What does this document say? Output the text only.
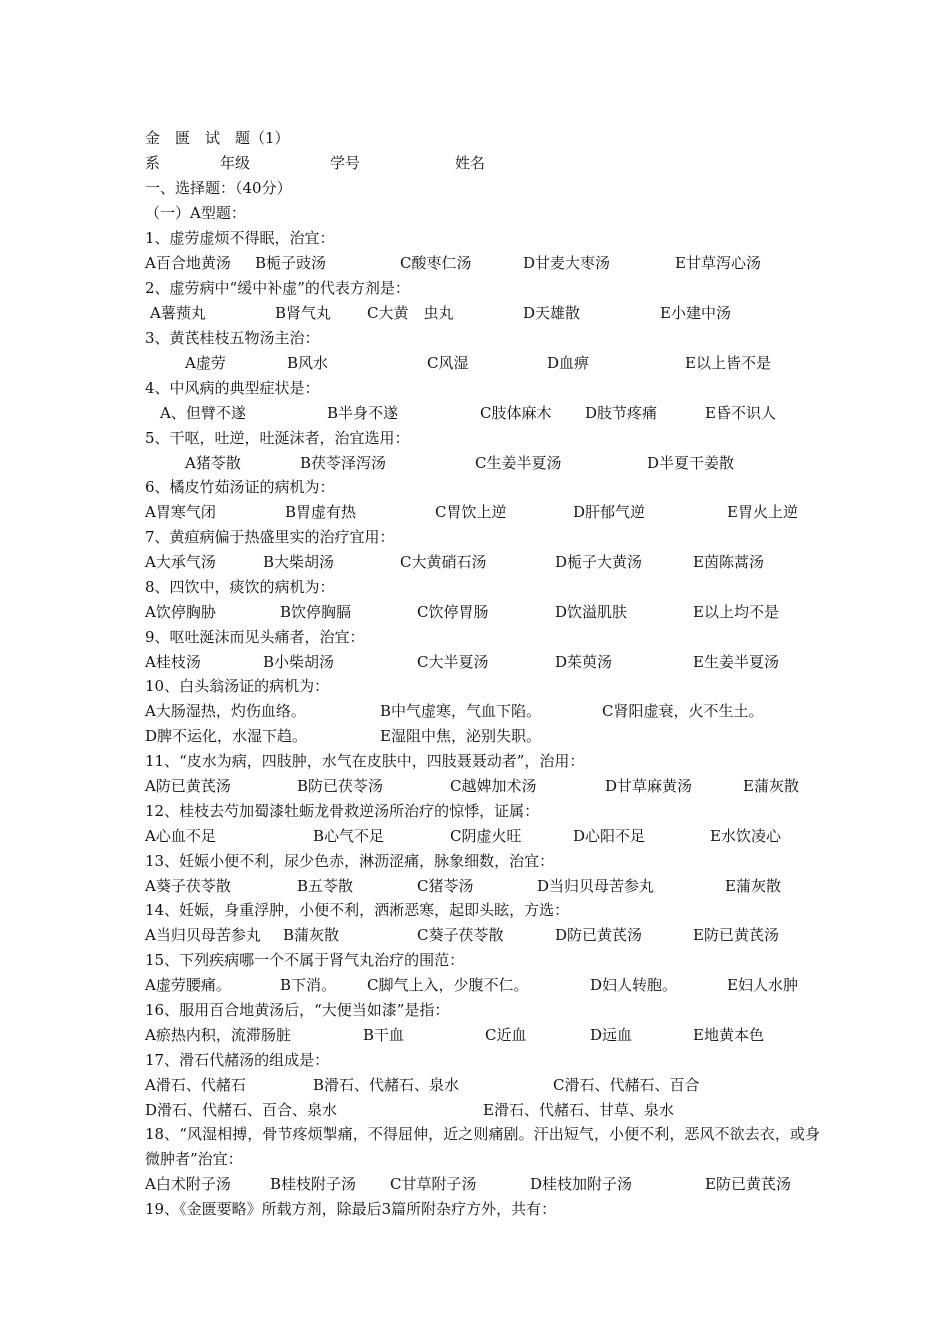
金　匮　试　题（1）
系	年级	学号	姓名
一、选择题：（40分）
（一）A型题：
1、虚劳虚烦不得眠，治宜：
A百合地黄汤 B栀子豉汤	C酸枣仁汤	D甘麦大枣汤	E甘草泻心汤
2、虚劳病中“缓中补虚”的代表方剂是：
A薯蓣丸	B肾气丸 C大黄　虫丸	D天雄散	E小建中汤
3、黄芪桂枝五物汤主治：
A虚劳	B风水	C风湿	D血痹	E以上皆不是
4、中风病的典型症状是：
A、但臂不遂	B半身不遂	C肢体麻木 D肢节疼痛	E昏不识人
5、干呕，吐逆，吐涎沫者，治宜选用：
A猪苓散	B茯苓泽泻汤	C生姜半夏汤	D半夏干姜散
6、橘皮竹茹汤证的病机为：
A胃寒气闭	B胃虚有热	C胃饮上逆	D肝郁气逆	E胃火上逆
7、黄疸病偏于热盛里实的治疗宜用：
A大承气汤	B大柴胡汤	C大黄硝石汤	D栀子大黄汤	E茵陈蒿汤
8、四饮中，痰饮的病机为：
A饮停胸胁	B饮停胸膈	C饮停胃肠	D饮溢肌肤	E以上均不是
9、呕吐涎沫而见头痛者，治宜：
A桂枝汤	B小柴胡汤	C大半夏汤	D茱萸汤	E生姜半夏汤
10、白头翁汤证的病机为：
A大肠湿热，灼伤血络。	B中气虚寒，气血下陷。	C肾阳虚衰，火不生土。
D脾不运化，水湿下趋。	E湿阻中焦，泌别失职。
11、“皮水为病，四肢肿，水气在皮肤中，四肢聂聂动者”，治用：
A防已黄芪汤	B防已茯苓汤	C越婢加术汤	D甘草麻黄汤	E蒲灰散
12、桂枝去芍加蜀漆牡蛎龙骨救逆汤所治疗的惊悸，证属：
A心血不足	B心气不足	C阴虚火旺	D心阳不足	E水饮凌心
13、妊娠小便不利，尿少色赤，淋沥涩痛，脉象细数，治宜：
A葵子茯苓散	B五苓散	C猪苓汤	D当归贝母苦参丸	E蒲灰散
14、妊娠，身重浮肿，小便不利，洒淅恶寒，起即头眩，方选：
A当归贝母苦参丸 B蒲灰散	C葵子茯苓散	D防已黄芪汤	E防已黄芪汤
15、下列疾病哪一个不属于肾气丸治疗的围范：
A虚劳腰痛。	B下消。 C脚气上入，少腹不仁。	D妇人转胞。	E妇人水肿
16、服用百合地黄汤后，“大便当如漆”是指：
A瘀热内积，流滞肠脏	B干血	C近血	D远血	E地黄本色
17、滑石代赭汤的组成是：
A滑石、代赭石	B滑石、代赭石、泉水	C滑石、代赭石、百合
D滑石、代赭石、百合、泉水	E滑石、代赭石、甘草、泉水
18、“风湿相搏，骨节疼烦掣痛，不得屈伸，近之则痛剧。汗出短气，小便不利，恶风不欲去衣，或身微肿者”治宜：
A白术附子汤	B桂枝附子汤 C甘草附子汤	D桂枝加附子汤	E防已黄芪汤
19、《金匮要略》所载方剂，除最后3篇所附杂疗方外，共有：
